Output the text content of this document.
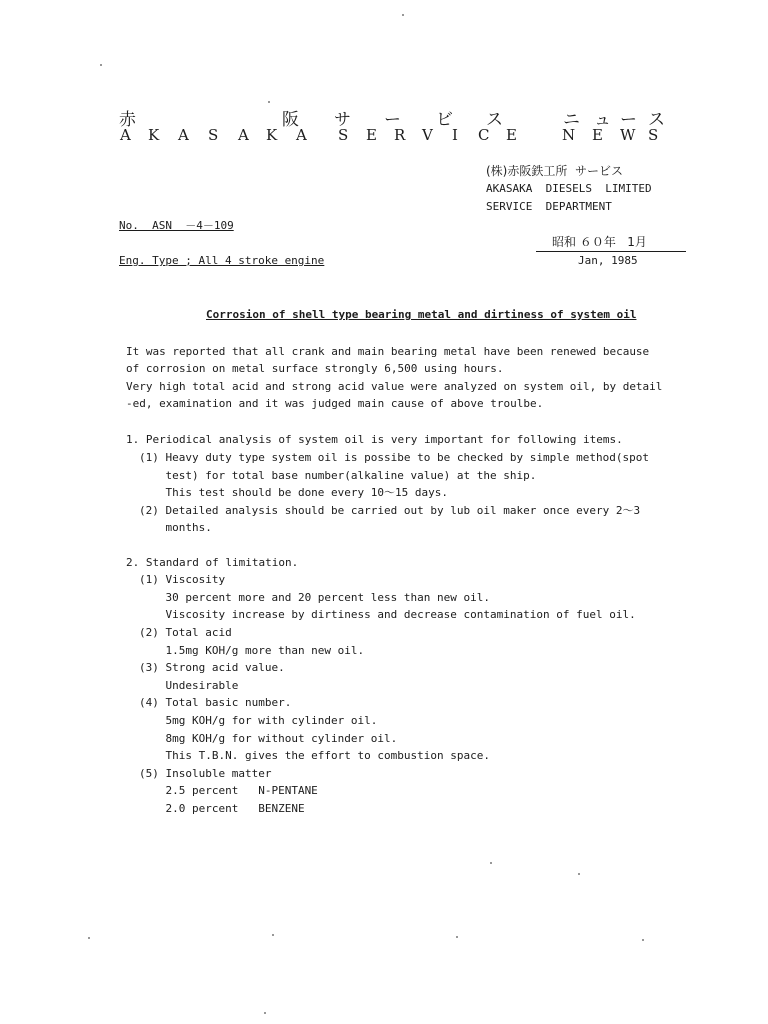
赤	阪 サ ー ビ ス	ニ ュ ー ス
A K A S A K A S E R V I C E	N E W S
(株)赤阪鉄工所  サービス
AKASAKA  DIESELS  LIMITED
SERVICE  DEPARTMENT
No.  ASN  －4－109
昭和 ６０年   1月
Jan, 1985
Eng. Type ; All 4 stroke engine
Corrosion of shell type bearing metal and dirtiness of system oil
It was reported that all crank and main bearing metal have been renewed because
of corrosion on metal surface strongly 6,500 using hours.
Very high total acid and strong acid value were analyzed on system oil, by detail
-ed, examination and it was judged main cause of above troulbe.
1. Periodical analysis of system oil is very important for following items.
(1) Heavy duty type system oil is possibe to be checked by simple method(spot
test) for total base number(alkaline value) at the ship.
This test should be done every 10～15 days.
(2) Detailed analysis should be carried out by lub oil maker once every 2～3
months.
2. Standard of limitation.
(1) Viscosity
30 percent more and 20 percent less than new oil.
Viscosity increase by dirtiness and decrease contamination of fuel oil.
(2) Total acid
1.5mg KOH/g more than new oil.
(3) Strong acid value.
Undesirable
(4) Total basic number.
5mg KOH/g for with cylinder oil.
8mg KOH/g for without cylinder oil.
This T.B.N. gives the effort to combustion space.
(5) Insoluble matter
2.5 percent   N-PENTANE
2.0 percent   BENZENE
